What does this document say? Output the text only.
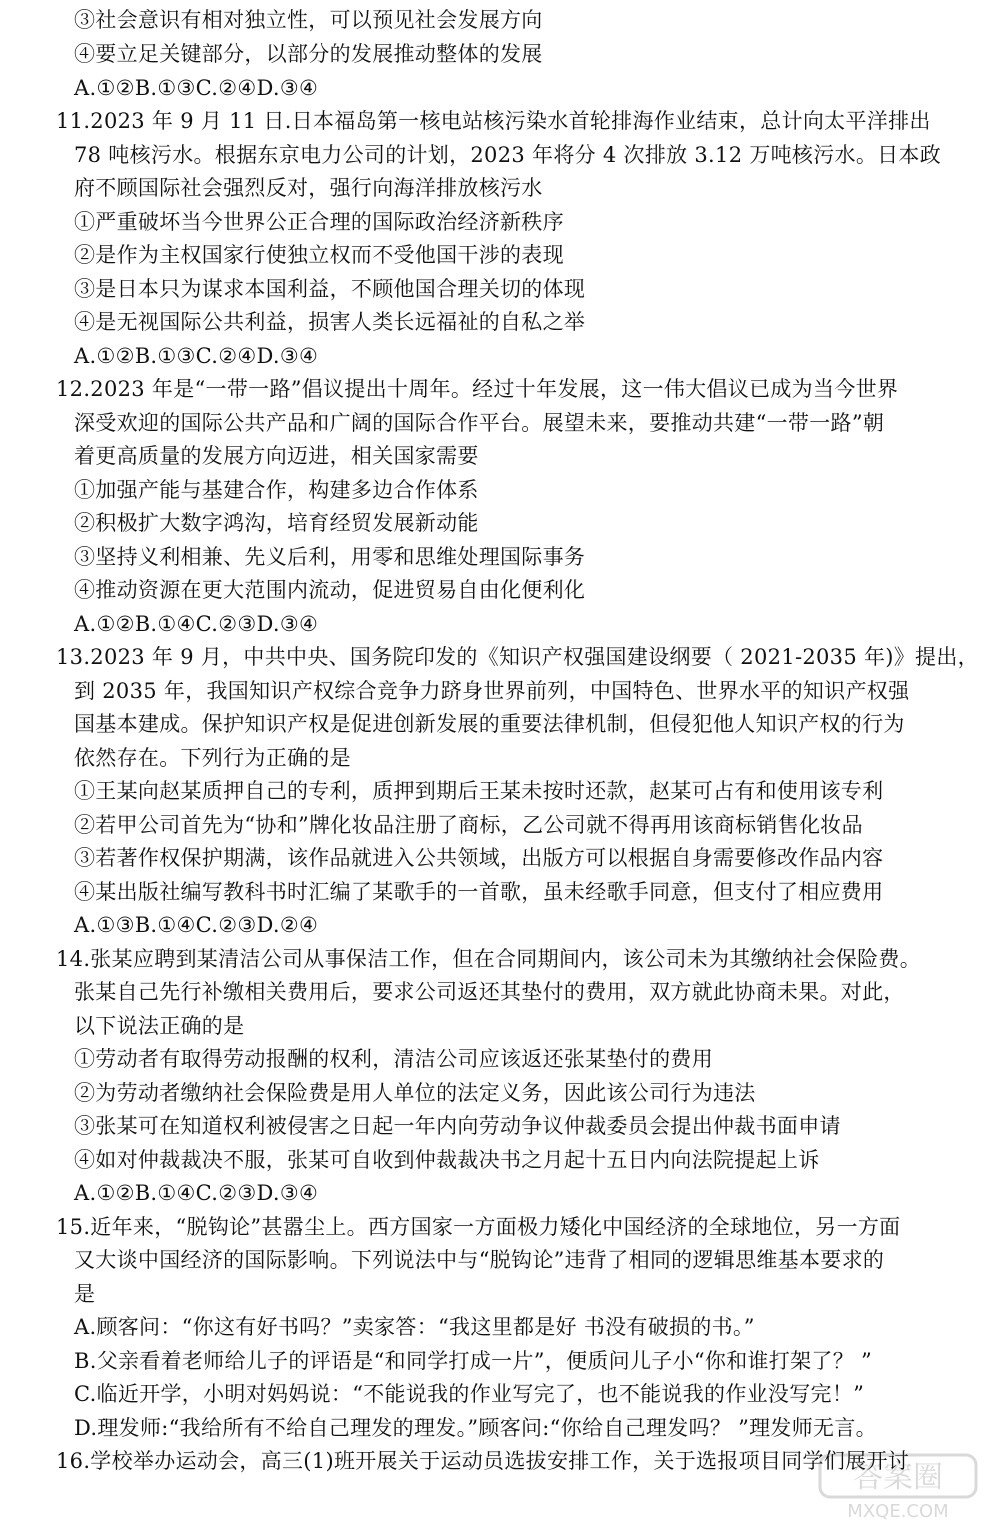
③社会意识有相对独立性，可以预见社会发展方向
④要立足关键部分，以部分的发展推动整体的发展
A.①②B.①③C.②④D.③④
11.2023 年 9 月 11 日.日本福岛第一核电站核污染水首轮排海作业结束，总计向太平洋排出
78 吨核污水。根据东京电力公司的计划，2023 年将分 4 次排放 3.12 万吨核污水。日本政
府不顾国际社会强烈反对，强行向海洋排放核污水
①严重破坏当今世界公正合理的国际政治经济新秩序
②是作为主权国家行使独立权而不受他国干涉的表现
③是日本只为谋求本国利益，不顾他国合理关切的体现
④是无视国际公共利益，损害人类长远福祉的自私之举
A.①②B.①③C.②④D.③④
12.2023 年是“一带一路”倡议提出十周年。经过十年发展，这一伟大倡议已成为当今世界
深受欢迎的国际公共产品和广阔的国际合作平台。展望未来，要推动共建“一带一路”朝
着更高质量的发展方向迈进，相关国家需要
①加强产能与基建合作，构建多边合作体系
②积极扩大数字鸿沟，培育经贸发展新动能
③坚持义利相兼、先义后利，用零和思维处理国际事务
④推动资源在更大范围内流动，促进贸易自由化便利化
A.①②B.①④C.②③D.③④
13.2023 年 9 月，中共中央、国务院印发的《知识产权强国建设纲要（ 2021-2035 年)》提出，
到 2035 年，我国知识产权综合竞争力跻身世界前列，中国特色、世界水平的知识产权强
国基本建成。保护知识产权是促进创新发展的重要法律机制，但侵犯他人知识产权的行为
依然存在。下列行为正确的是
①王某向赵某质押自己的专利，质押到期后王某未按时还款，赵某可占有和使用该专利
②若甲公司首先为“协和”牌化妆品注册了商标，乙公司就不得再用该商标销售化妆品
③若著作权保护期满，该作品就进入公共领域，出版方可以根据自身需要修改作品内容
④某出版社编写教科书时汇编了某歌手的一首歌，虽未经歌手同意，但支付了相应费用
A.①③B.①④C.②③D.②④
14.张某应聘到某清洁公司从事保洁工作，但在合同期间内，该公司未为其缴纳社会保险费。
张某自己先行补缴相关费用后，要求公司返还其垫付的费用，双方就此协商未果。对此，
以下说法正确的是
①劳动者有取得劳动报酬的权利，清洁公司应该返还张某垫付的费用
②为劳动者缴纳社会保险费是用人单位的法定义务，因此该公司行为违法
③张某可在知道权利被侵害之日起一年内向劳动争议仲裁委员会提出仲裁书面申请
④如对仲裁裁决不服，张某可自收到仲裁裁决书之月起十五日内向法院提起上诉
A.①②B.①④C.②③D.③④
15.近年来，“脱钩论”甚嚣尘上。西方国家一方面极力矮化中国经济的全球地位，另一方面
又大谈中国经济的国际影响。下列说法中与“脱钩论”违背了相同的逻辑思维基本要求的
是
A.顾客问：“你这有好书吗？”卖家答：“我这里都是好 书没有破损的书。”
B.父亲看着老师给儿子的评语是“和同学打成一片”，便质问儿子小“你和谁打架了？ ”
C.临近开学，小明对妈妈说：“不能说我的作业写完了，也不能说我的作业没写完！”
D.理发师:“我给所有不给自己理发的理发。”顾客问:“你给自己理发吗？ ”理发师无言。
16.学校举办运动会，高三(1)班开展关于运动员选拔安排工作，关于选报项目同学们展开讨
答案圈
MXQE.COM
